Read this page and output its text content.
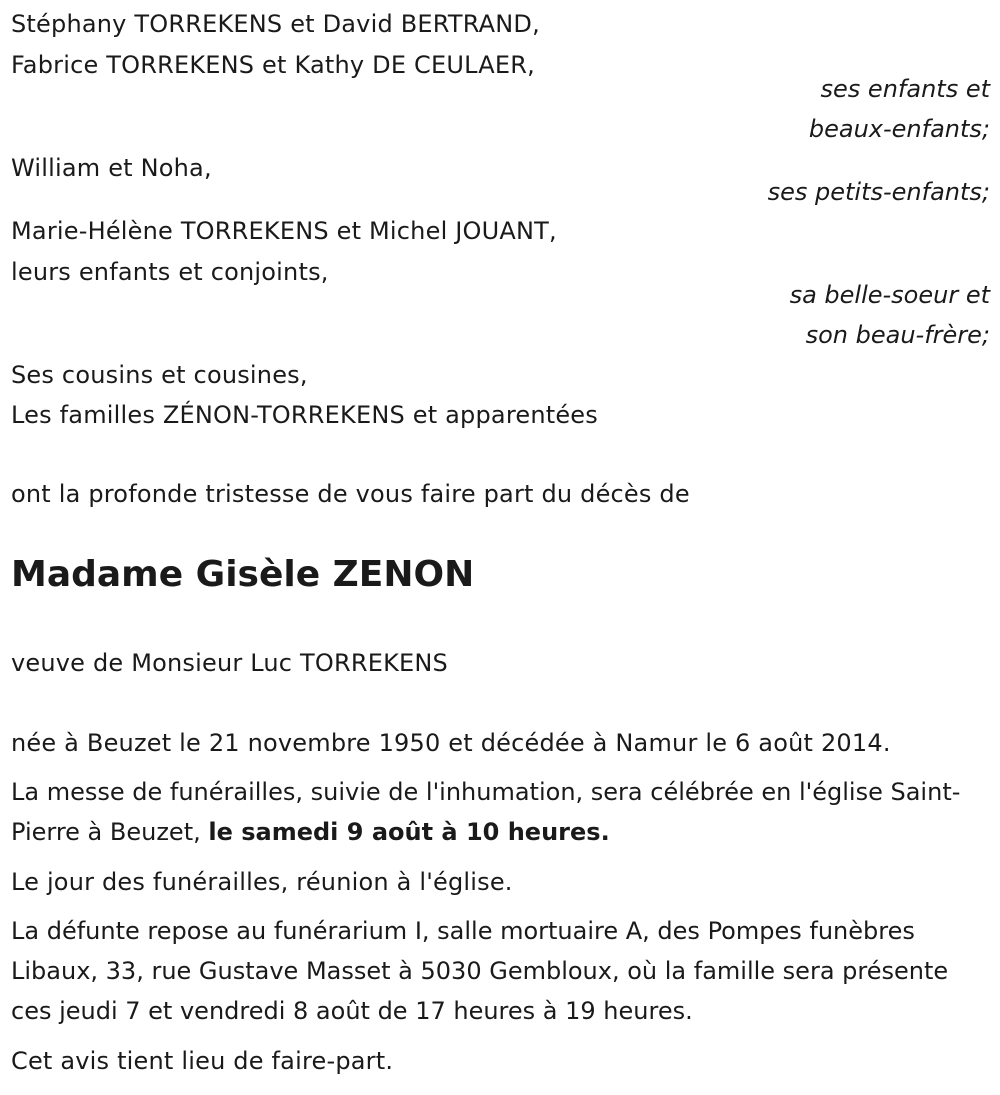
Stéphany TORREKENS et David BERTRAND,
Fabrice TORREKENS et Kathy DE CEULAER,
ses enfants et
beaux-enfants;
William et Noha,
ses petits-enfants;
Marie-Hélène TORREKENS et Michel JOUANT,
leurs enfants et conjoints,
sa belle-soeur et
son beau-frère;
Ses cousins et cousines,
Les familles ZÉNON-TORREKENS et apparentées
ont la profonde tristesse de vous faire part du décès de
Madame Gisèle ZENON
veuve de Monsieur Luc TORREKENS
née à Beuzet le 21 novembre 1950 et décédée à Namur le 6 août 2014.
La messe de funérailles, suivie de l'inhumation, sera célébrée en l'église Saint-Pierre à Beuzet, le samedi 9 août à 10 heures.
Le jour des funérailles, réunion à l'église.
La défunte repose au funérarium I, salle mortuaire A, des Pompes funèbres Libaux, 33, rue Gustave Masset à 5030 Gembloux, où la famille sera présente ces jeudi 7 et vendredi 8 août de 17 heures à 19 heures.
Cet avis tient lieu de faire-part.
